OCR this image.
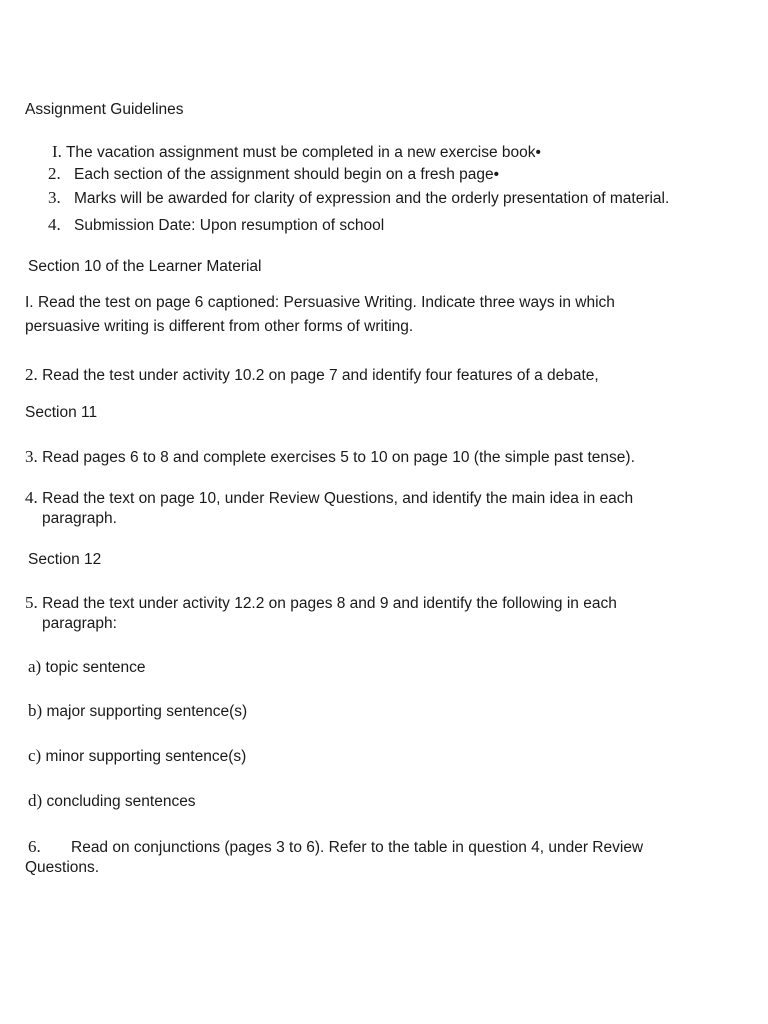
Assignment Guidelines
I. The vacation assignment must be completed in a new exercise book•
2. Each section of the assignment should begin on a fresh page•
3. Marks will be awarded for clarity of expression and the orderly presentation of material.
4. Submission Date: Upon resumption of school
Section 10 of the Learner Material
I. Read the test on page 6 captioned: Persuasive Writing. Indicate three ways in which
persuasive writing is different from other forms of writing.
2. Read the test under activity 10.2 on page 7 and identify four features of a debate,
Section 11
3. Read pages 6 to 8 and complete exercises 5 to 10 on page 10 (the simple past tense).
4. Read the text on page 10, under Review Questions, and identify the main idea in each
paragraph.
Section 12
5. Read the text under activity 12.2 on pages 8 and 9 and identify the following in each
paragraph:
a) topic sentence
b) major supporting sentence(s)
c) minor supporting sentence(s)
d) concluding sentences
6. Read on conjunctions (pages 3 to 6). Refer to the table in question 4, under Review
Questions.
